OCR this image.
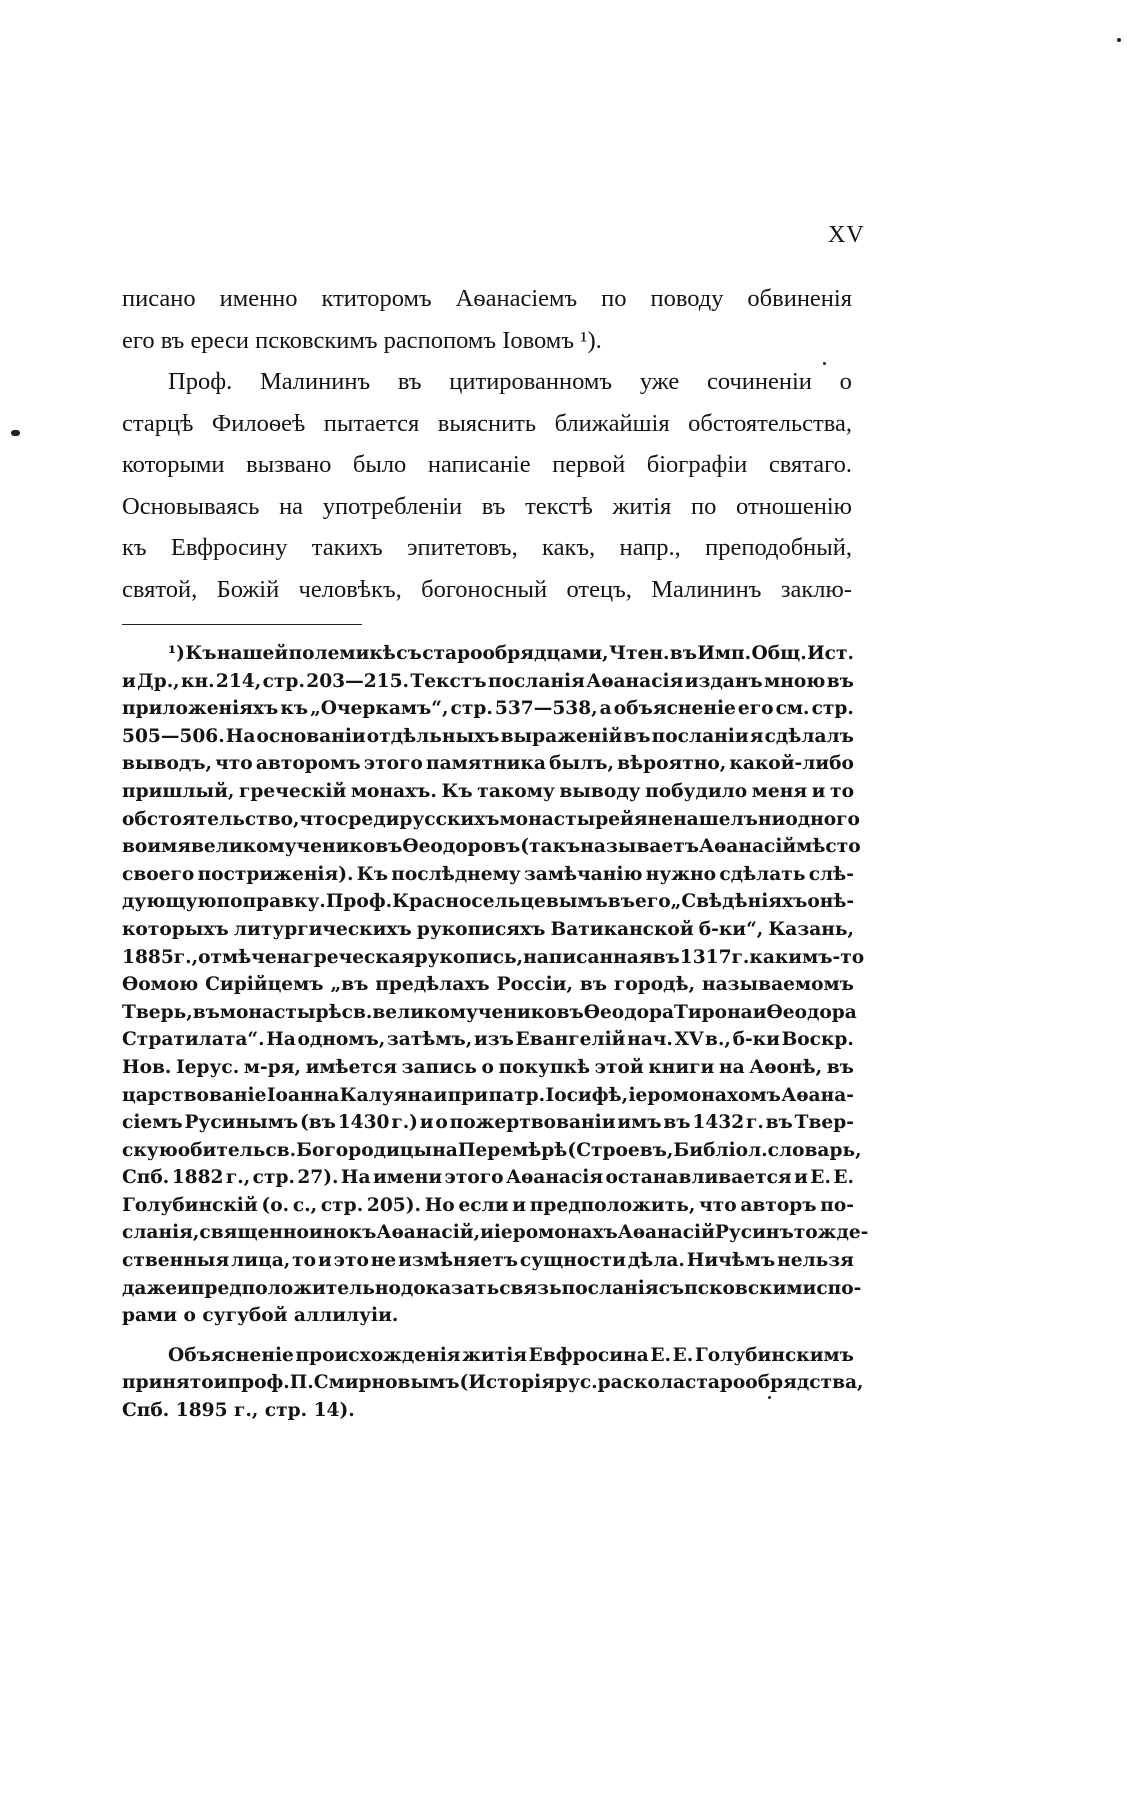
XV
писано именно ктиторомъ Аѳанасіемъ по поводу обвиненія
его въ ереси псковскимъ распопомъ Іовомъ ¹).
Проф. Малининъ въ цитированномъ уже сочиненіи о
старцѣ Филоѳеѣ пытается выяснить ближайшія обстоятельства,
которыми вызвано было написаніе первой біографіи святаго.
Основываясь на употребленіи въ текстѣ житія по отношенію
къ Евфросину такихъ эпитетовъ, какъ, напр., преподобный,
святой, Божій человѣкъ, богоносный отецъ, Малининъ заклю-
¹) Къ нашей полемикѣ съ старообрядцами, Чтен. въ Имп. Общ. Ист.
и Др., кн. 214, стр. 203—215. Текстъ посланія Аѳанасія изданъ мною въ
приложеніяхъ къ „Очеркамъ“, стр. 537—538, а объясненіе его см. стр.
505—506. На основаніи отдѣльныхъ выраженій въ посланіи я сдѣлалъ
выводъ, что авторомъ этого памятника былъ, вѣроятно, какой-либо
пришлый, греческій монахъ. Къ такому выводу побудило меня и то
обстоятельство, что среди русскихъ монастырей я не нашелъ ни одного
во имя великомучениковъ Ѳеодоровъ (такъ называетъ Аѳанасій мѣсто
своего постриженія). Къ послѣднему замѣчанію нужно сдѣлать слѣ-
дующую поправку. Проф. Красносельцевымъ въ его „Свѣдѣніяхъ о нѣ-
которыхъ литургическихъ рукописяхъ Ватиканской б-ки“, Казань,
1885 г., отмѣчена греческая рукопись, написанная въ 1317 г. какимъ-то
Ѳомою Сирійцемъ „въ предѣлахъ Россіи, въ городѣ, называемомъ
Тверь, въ монастырѣ св. великомучениковъ Ѳеодора Тирона и Ѳеодора
Стратилата“. На одномъ, затѣмъ, изъ Евангелій нач. XV в., б-ки Воскр.
Нов. Іерус. м-ря, имѣется запись о покупкѣ этой книги на Аѳонѣ, въ
царствованіе Іоанна Калуяна и при патр. Іосифѣ, іеромонахомъ Аѳана-
сіемъ Русинымъ (въ 1430 г.) и о пожертвованіи имъ въ 1432 г. въ Твер-
скую обитель св. Богородицы на Перемѣрѣ (Строевъ, Библіол. словарь,
Спб. 1882 г., стр. 27). На имени этого Аѳанасія останавливается и Е. Е.
Голубинскій (о. с., стр. 205). Но если и предположить, что авторъ по-
сланія, священноинокъ Аѳанасій, и іеромонахъ Аѳанасій Русинъ тожде-
ственныя лица, то и это не измѣняетъ сущности дѣла. Ничѣмъ нельзя
даже и предположительно доказать связь посланія съ псковскими спо-
рами о сугубой аллилуіи.
Объясненіе происхожденія житія Евфросина Е. Е. Голубинскимъ
принято и проф. П. Смирновымъ (Исторія рус. раскола старообрядства,
Спб. 1895 г., стр. 14).
